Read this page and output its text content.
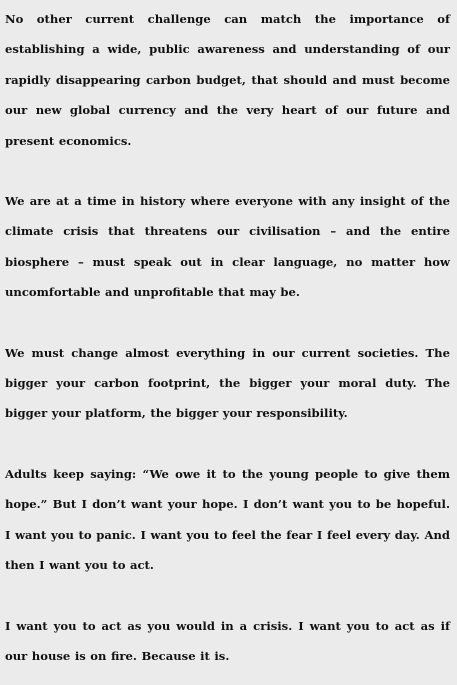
No other current challenge can match the importance of establishing a wide, public awareness and understanding of our rapidly disappearing carbon budget, that should and must become our new global currency and the very heart of our future and present economics.

We are at a time in history where everyone with any insight of the climate crisis that threatens our civilisation – and the entire biosphere – must speak out in clear language, no matter how uncomfortable and unprofitable that may be.

We must change almost everything in our current societies. The bigger your carbon footprint, the bigger your moral duty. The bigger your platform, the bigger your responsibility.

Adults keep saying: “We owe it to the young people to give them hope.” But I don’t want your hope. I don’t want you to be hopeful. I want you to panic. I want you to feel the fear I feel every day. And then I want you to act.

I want you to act as you would in a crisis. I want you to act as if our house is on fire. Because it is.
